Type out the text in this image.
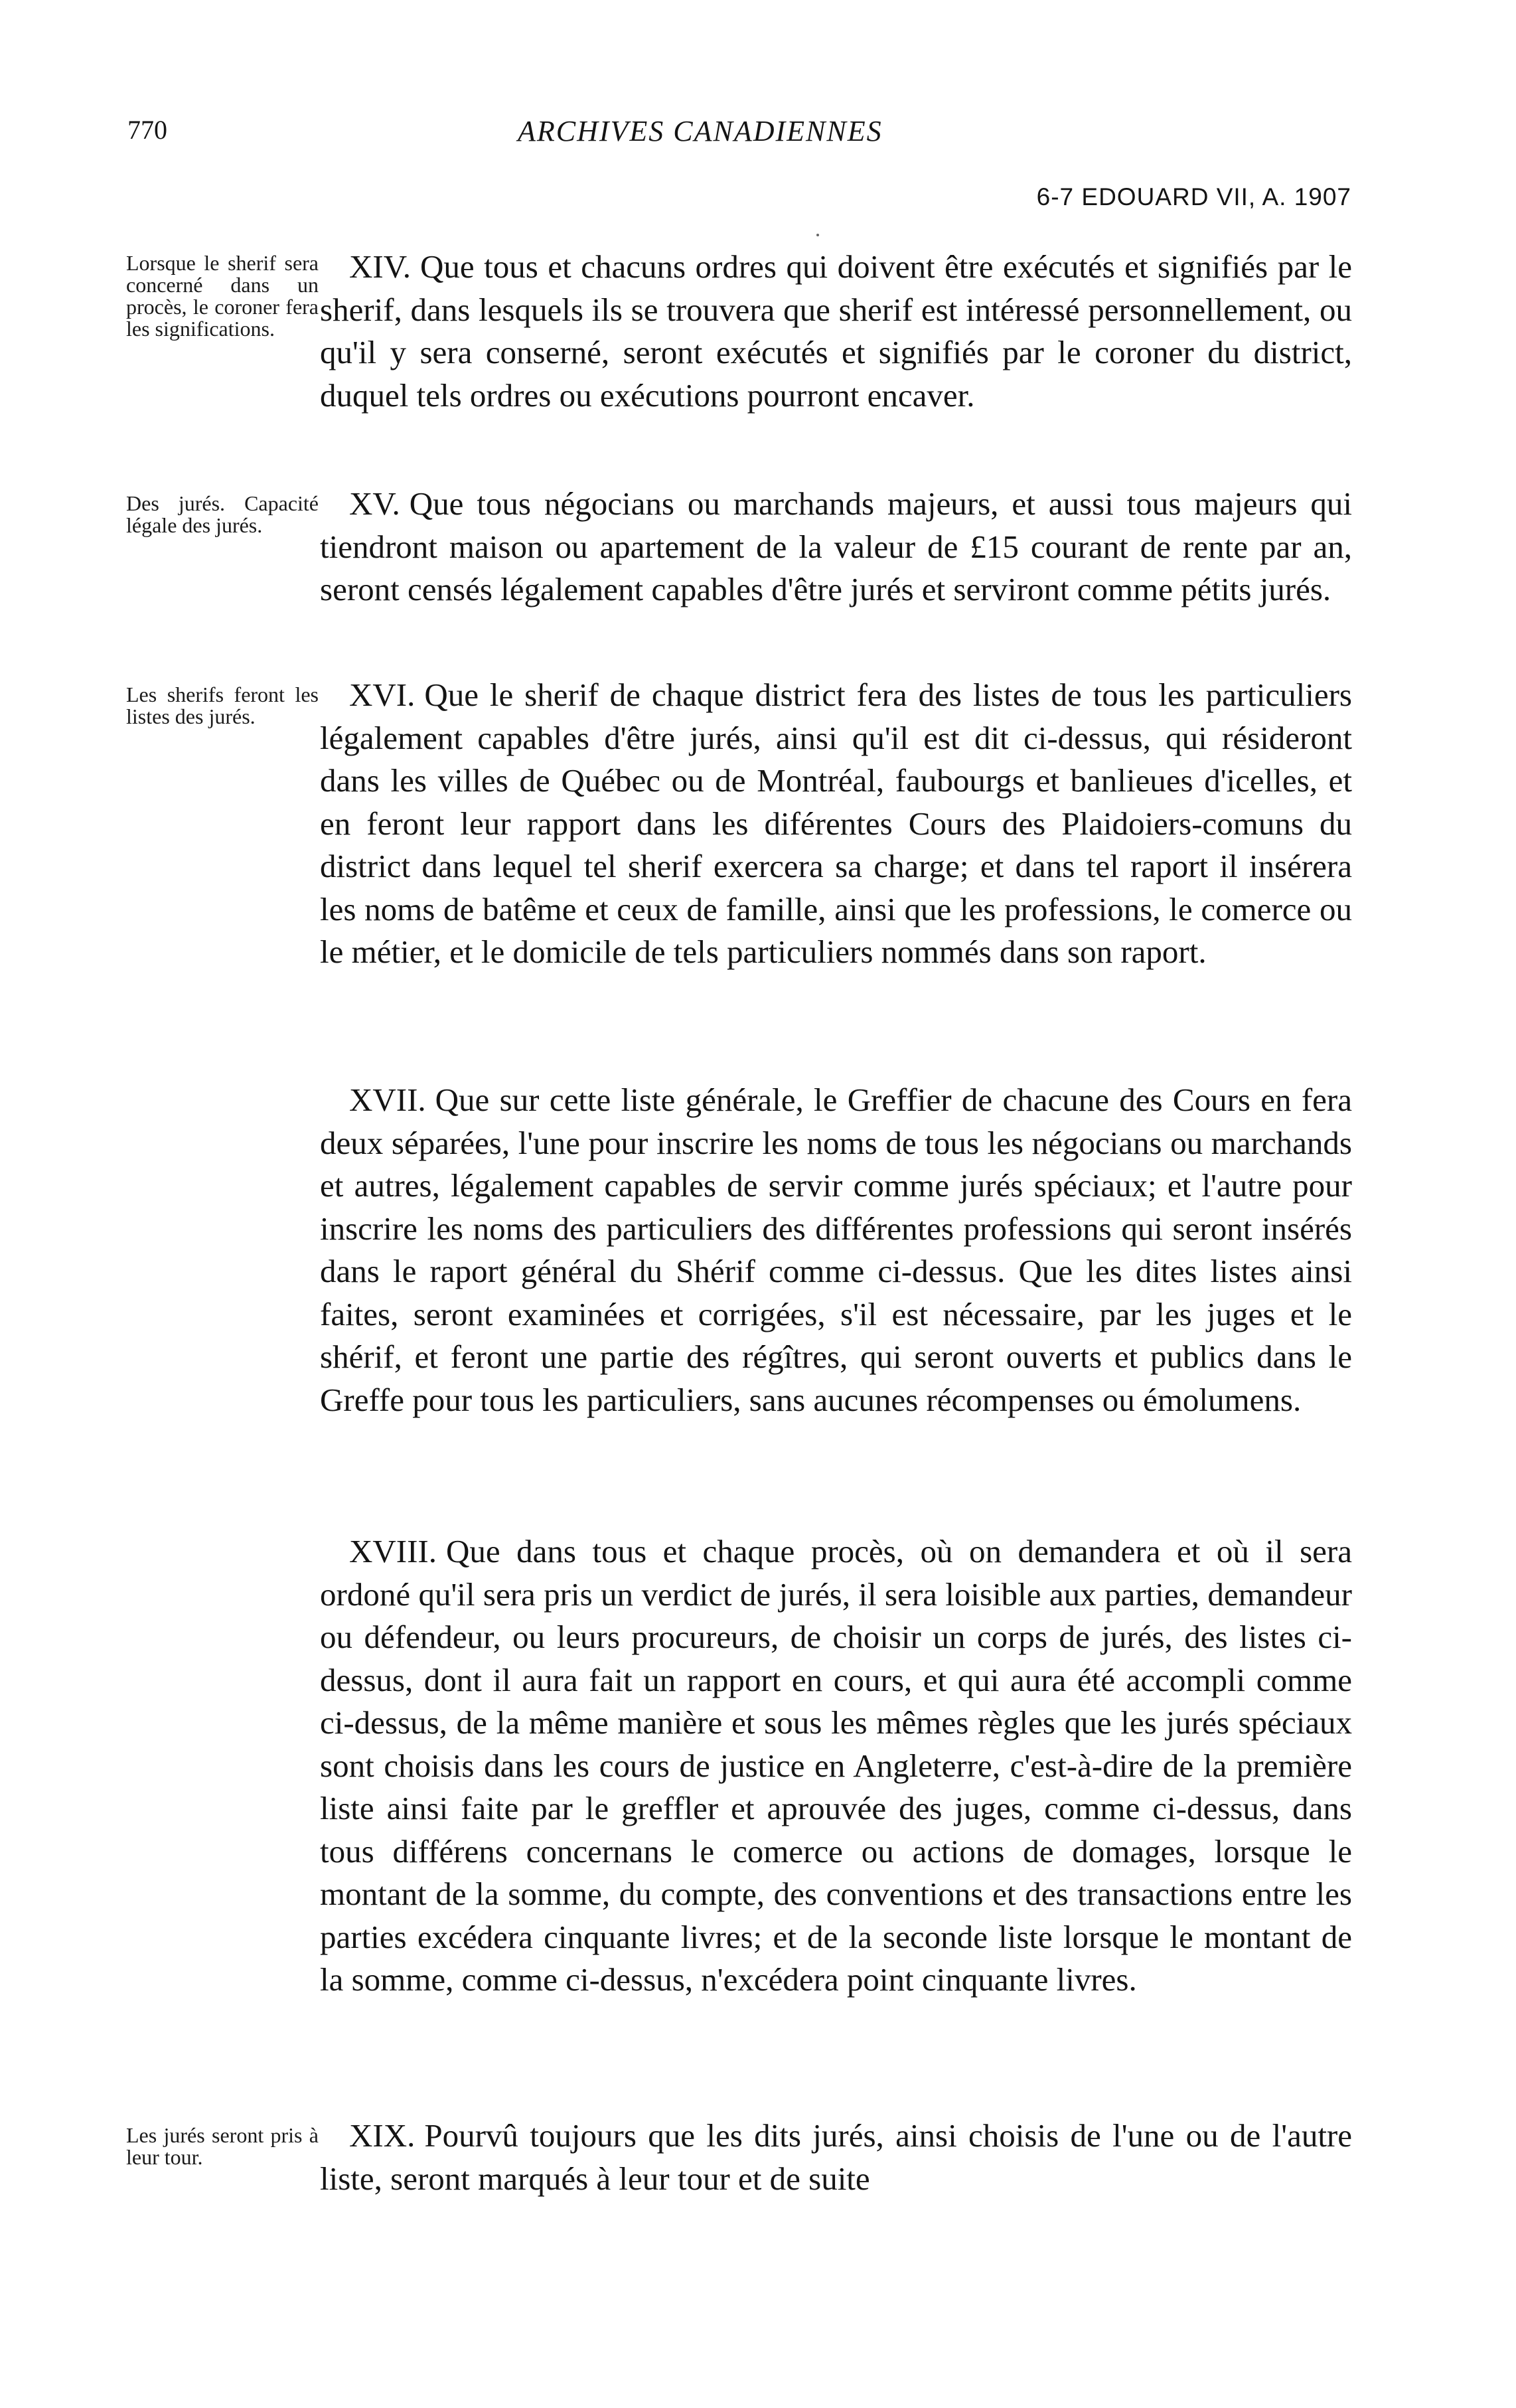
770	ARCHIVES CANADIENNES
6-7 EDOUARD VII, A. 1907
Lorsque le sherif sera concerné dans un procès, le coroner fera les significations.
Des jurés. Capacité légale des jurés.
Les sherifs feront les listes des jurés.
Les jurés seront pris à leur tour.
XIV. Que tous et chacuns ordres qui doivent être exécutés et signifiés par le sherif, dans lesquels ils se trouvera que sherif est intéressé personnellement, ou qu'il y sera conserné, seront exécutés et signifiés par le coroner du district, duquel tels ordres ou exécutions pourront encaver.
XV. Que tous négocians ou marchands majeurs, et aussi tous majeurs qui tiendront maison ou apartement de la valeur de £15 courant de rente par an, seront censés légalement capables d'être jurés et serviront comme pétits jurés.
XVI. Que le sherif de chaque district fera des listes de tous les particuliers légalement capables d'être jurés, ainsi qu'il est dit ci-dessus, qui résideront dans les villes de Québec ou de Montréal, faubourgs et banlieues d'icelles, et en feront leur rapport dans les diférentes Cours des Plaidoiers-comuns du district dans lequel tel sherif exercera sa charge; et dans tel raport il insérera les noms de batême et ceux de famille, ainsi que les professions, le comerce ou le métier, et le domicile de tels particuliers nommés dans son raport.
XVII. Que sur cette liste générale, le Greffier de chacune des Cours en fera deux séparées, l'une pour inscrire les noms de tous les négocians ou marchands et autres, légalement capables de servir comme jurés spéciaux; et l'autre pour inscrire les noms des particuliers des différentes professions qui seront insérés dans le raport général du Shérif comme ci-dessus. Que les dites listes ainsi faites, seront examinées et corrigées, s'il est nécessaire, par les juges et le shérif, et feront une partie des régîtres, qui seront ouverts et publics dans le Greffe pour tous les particuliers, sans aucunes récompenses ou émolumens.
XVIII. Que dans tous et chaque procès, où on demandera et où il sera ordoné qu'il sera pris un verdict de jurés, il sera loisible aux parties, demandeur ou défendeur, ou leurs procureurs, de choisir un corps de jurés, des listes ci-dessus, dont il aura fait un rapport en cours, et qui aura été accompli comme ci-dessus, de la même manière et sous les mêmes règles que les jurés spéciaux sont choisis dans les cours de justice en Angleterre, c'est-à-dire de la première liste ainsi faite par le greffler et aprouvée des juges, comme ci-dessus, dans tous différens concernans le comerce ou actions de domages, lorsque le montant de la somme, du compte, des conventions et des transactions entre les parties excédera cinquante livres; et de la seconde liste lorsque le montant de la somme, comme ci-dessus, n'excédera point cinquante livres.
XIX. Pourvû toujours que les dits jurés, ainsi choisis de l'une ou de l'autre liste, seront marqués à leur tour et de suite
